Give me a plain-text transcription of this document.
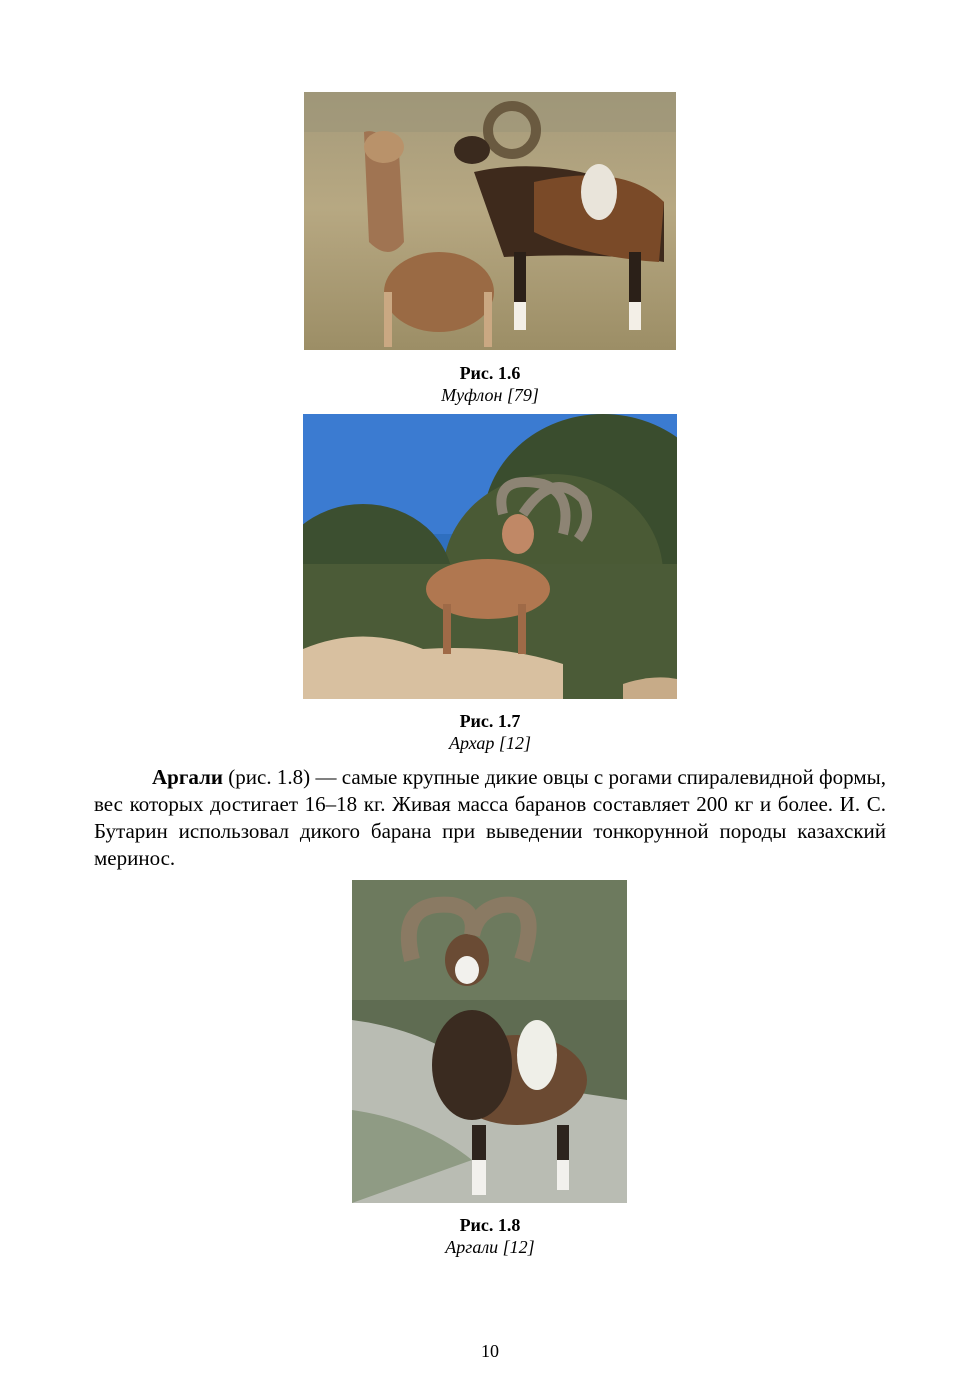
Рис. 1.6
Муфлон [79]
Рис. 1.7
Архар [12]
Аргали (рис. 1.8) — самые крупные дикие овцы с рогами спиралевидной формы, вес которых достигает 16–18 кг. Живая масса баранов составляет 200 кг и более. И. С. Бутарин использовал дикого барана при выведении тонкорунной породы казахский меринос.
Рис. 1.8
Аргали [12]
10
